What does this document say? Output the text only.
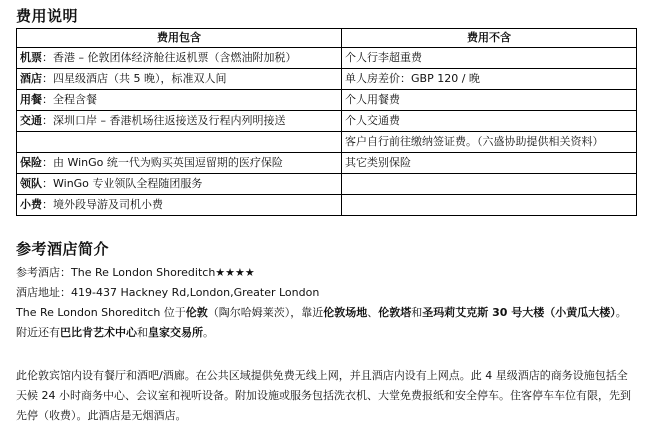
费用说明
费用包含	费用不含
机票：香港 – 伦敦团体经济舱往返机票（含燃油附加税）	个人行李超重费
酒店：四星级酒店（共 5 晚），标准双人间	单人房差价：GBP 120 / 晚
用餐：全程含餐	个人用餐费
交通：深圳口岸 – 香港机场往返接送及行程内列明接送	个人交通费
	客户自行前往缴纳签证费。（六盛协助提供相关资料）
保险：由 WinGo 统一代为购买英国逗留期的医疗保险	其它类别保险
领队：WinGo 专业领队全程随团服务	
小费：境外段导游及司机小费	
参考酒店简介

参考酒店：The Re London Shoreditch★★★★

酒店地址：419-437 Hackney Rd,London,Greater London

The Re London Shoreditch 位于伦敦（陶尔哈姆莱茨），靠近伦敦场地、伦敦塔和圣玛莉艾克斯 30 号大楼（小黄瓜大楼）。附近还有巴比肯艺术中心和皇家交易所。

此伦敦宾馆内设有餐厅和酒吧/酒廊。在公共区域提供免费无线上网，并且酒店内设有上网点。此 4 星级酒店的商务设施包括全天候 24 小时商务中心、会议室和视听设备。附加设施或服务包括洗衣机、大堂免费报纸和安全停车。住客停车车位有限，先到先停（收费）。此酒店是无烟酒店。
